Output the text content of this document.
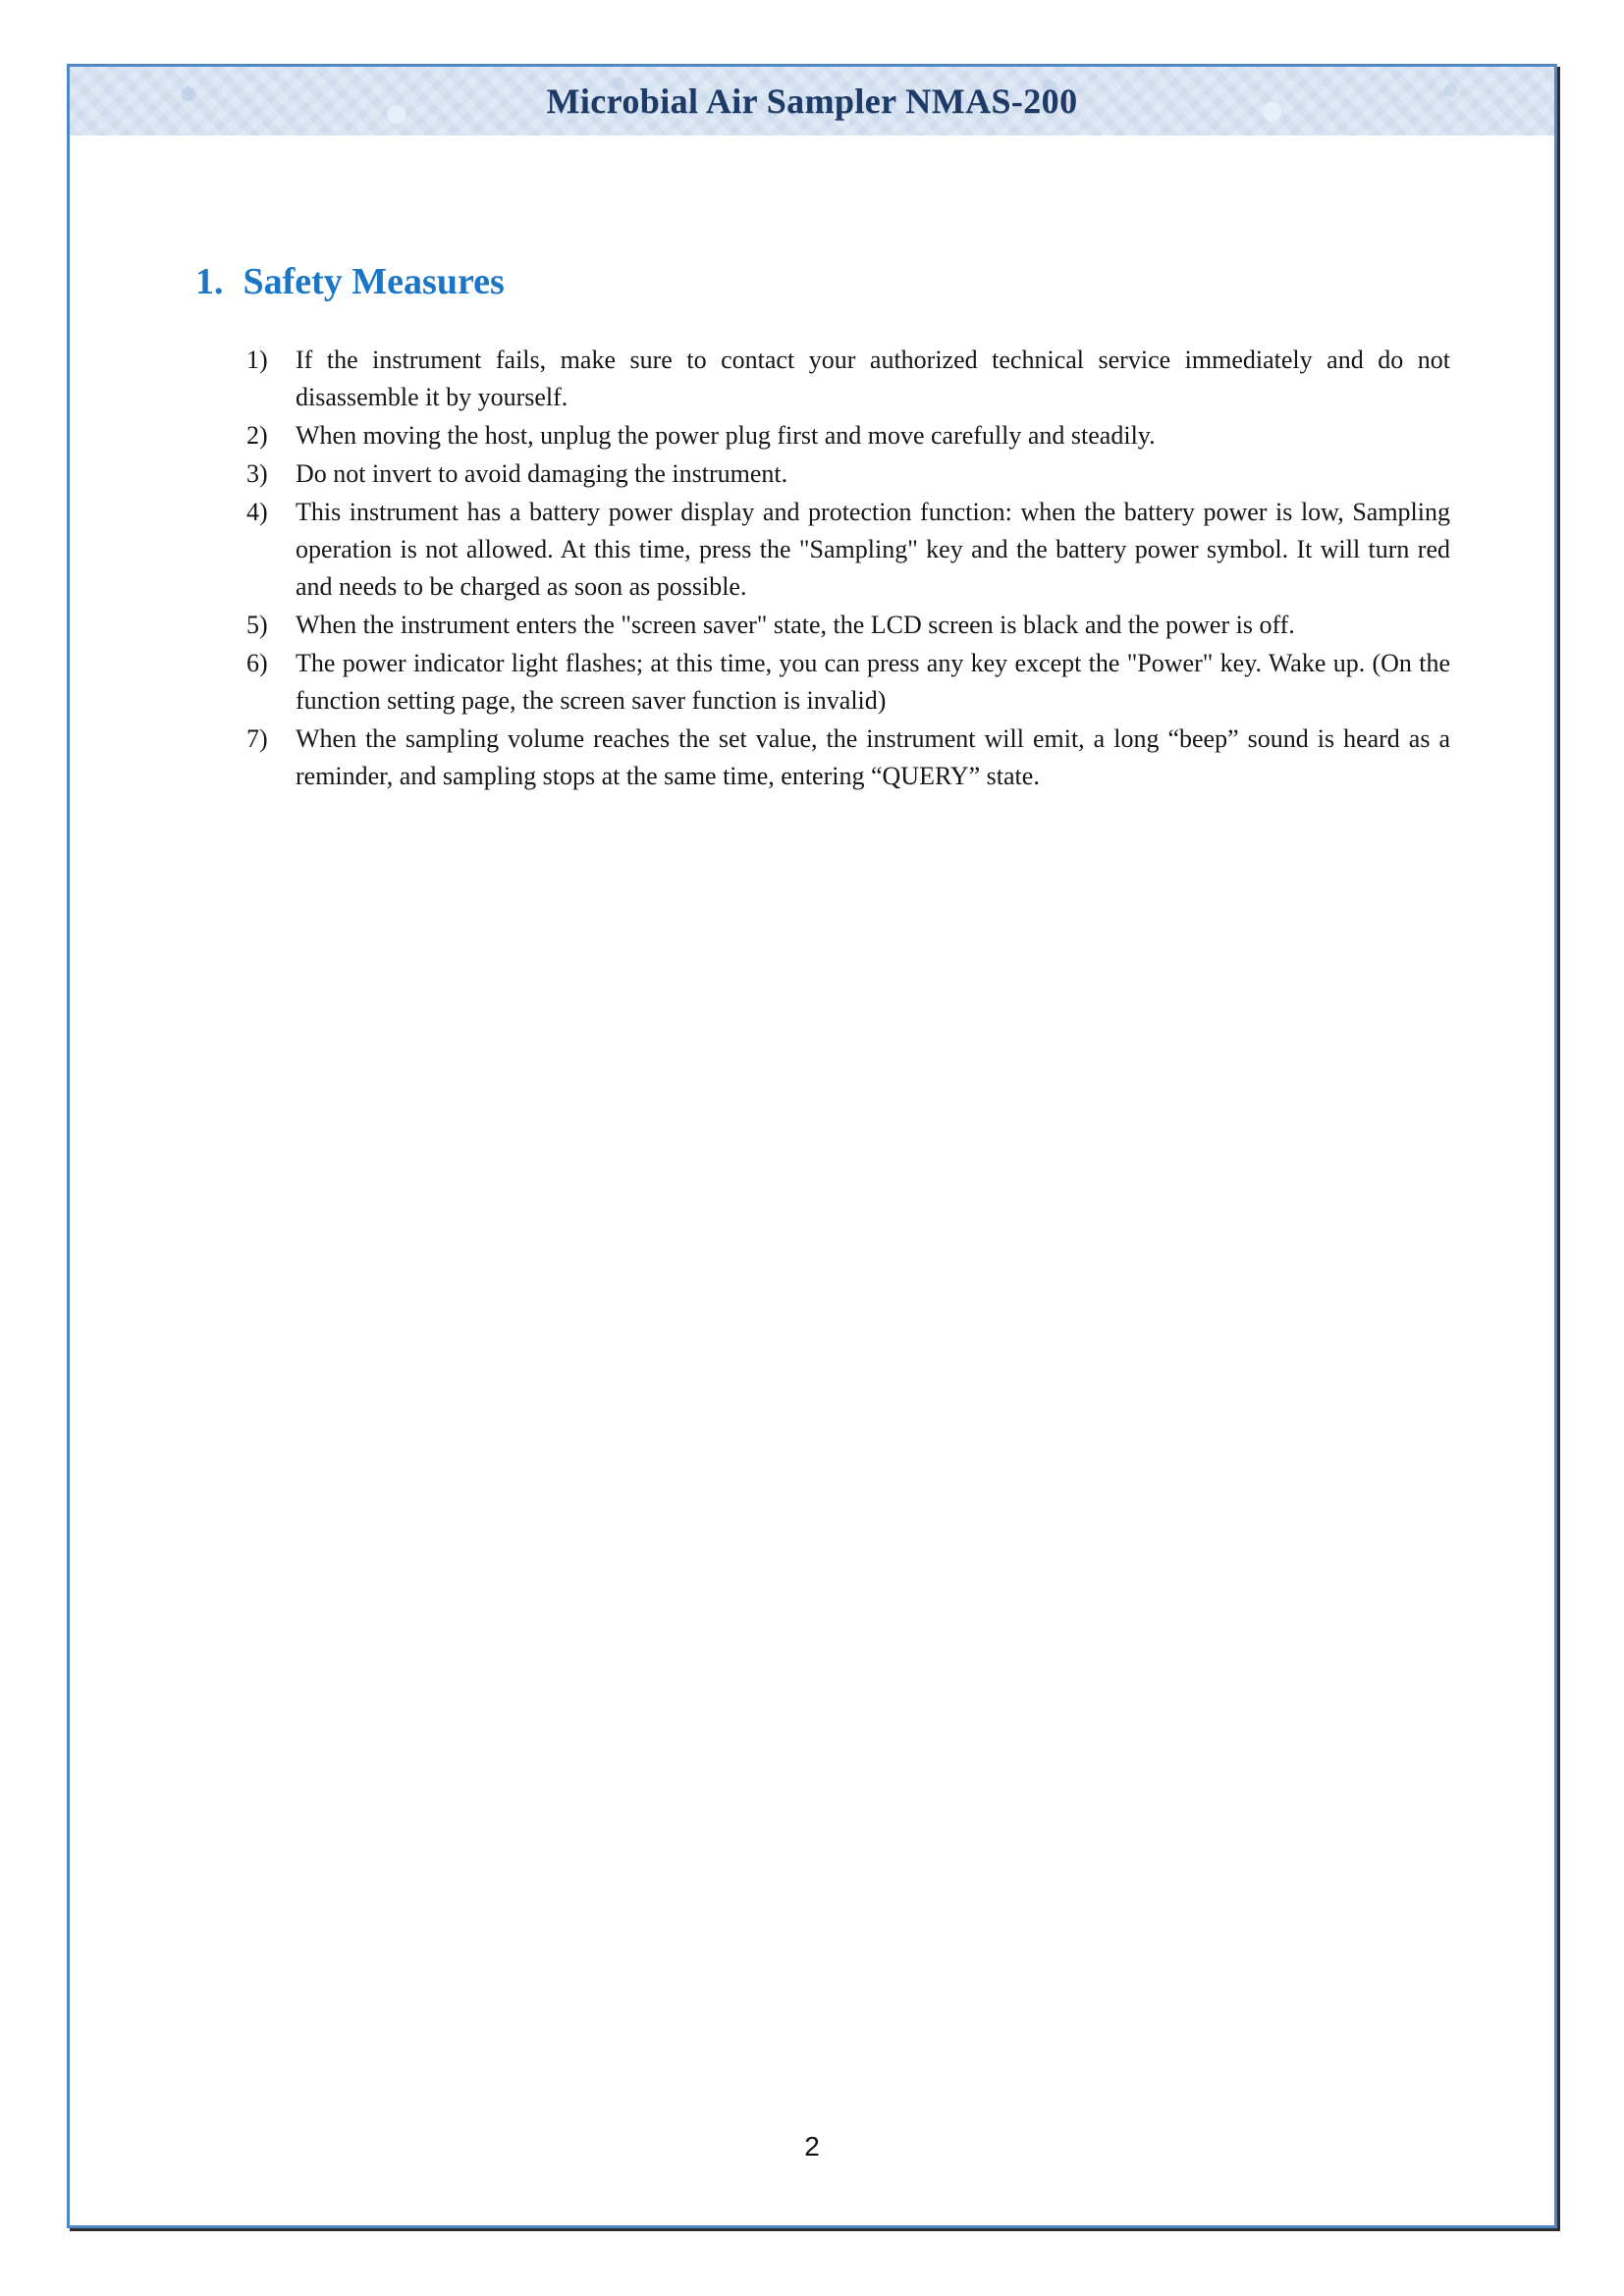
Microbial Air Sampler NMAS-200
1. Safety Measures
1)	If the instrument fails, make sure to contact your authorized technical service immediately and do not disassemble it by yourself.
2)	When moving the host, unplug the power plug first and move carefully and steadily.
3)	Do not invert to avoid damaging the instrument.
4)	This instrument has a battery power display and protection function: when the battery power is low, Sampling operation is not allowed. At this time, press the "Sampling" key and the battery power symbol. It will turn red and needs to be charged as soon as possible.
5)	When the instrument enters the "screen saver" state, the LCD screen is black and the power is off.
6)	The power indicator light flashes; at this time, you can press any key except the "Power" key. Wake up. (On the function setting page, the screen saver function is invalid)
7)	When the sampling volume reaches the set value, the instrument will emit, a long “beep” sound is heard as a reminder, and sampling stops at the same time, entering “QUERY” state.
2
